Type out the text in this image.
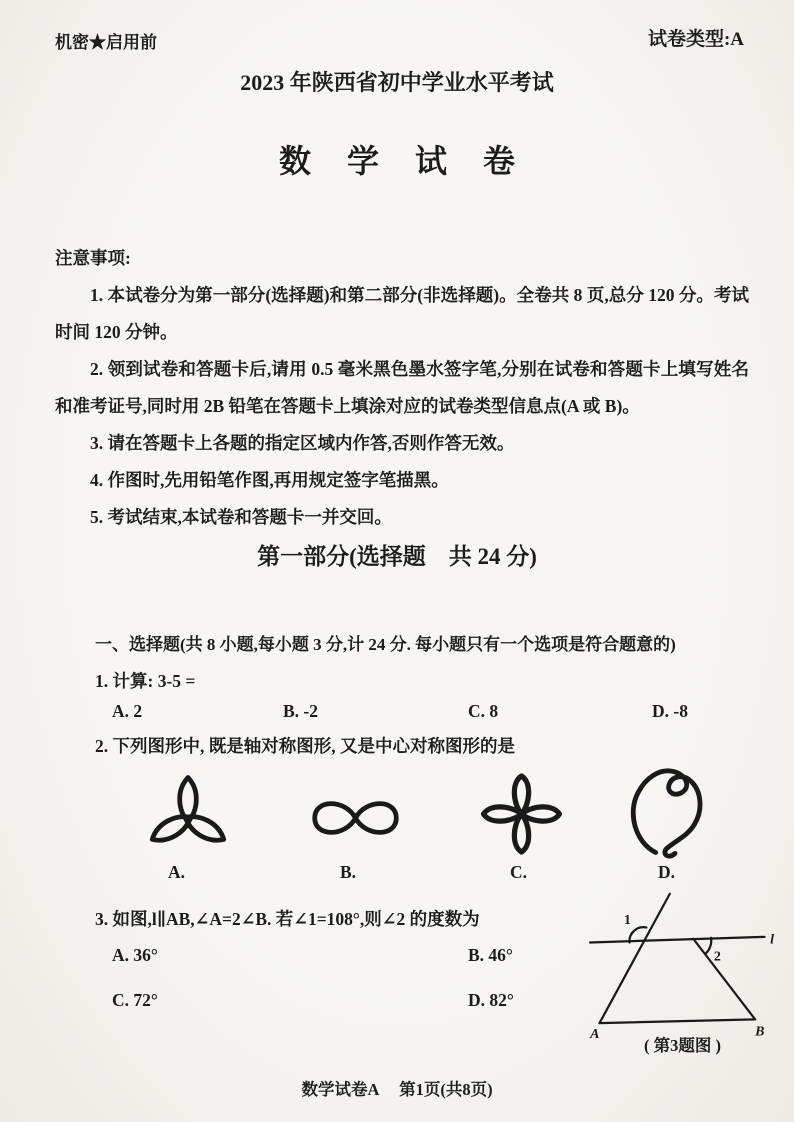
机密★启用前	试卷类型:A
2023 年陕西省初中学业水平考试
数 学 试 卷

注意事项:

1. 本试卷分为第一部分(选择题)和第二部分(非选择题)。全卷共 8 页,总分 120 分。考试时间 120 分钟。

2. 领到试卷和答题卡后,请用 0.5 毫米黑色墨水签字笔,分别在试卷和答题卡上填写姓名和准考证号,同时用 2B 铅笔在答题卡上填涂对应的试卷类型信息点(A 或 B)。

3. 请在答题卡上各题的指定区域内作答,否则作答无效。

4. 作图时,先用铅笔作图,再用规定签字笔描黑。

5. 考试结束,本试卷和答题卡一并交回。

第一部分(选择题　共 24 分)
一、选择题(共 8 小题,每小题 3 分,计 24 分. 每小题只有一个选项是符合题意的)
1. 计算: 3-5 =
A. 2	B. -2	C. 8	D. -8
2. 下列图形中, 既是轴对称图形, 又是中心对称图形的是
A.	B.	C.	D.
3. 如图,l∥AB,∠A=2∠B. 若∠1=108°,则∠2 的度数为
A. 36°	B. 46°
C. 72°	D. 82°
1
2
l
A	B
( 第3题图 )
数学试卷A　 第1页(共8页)
